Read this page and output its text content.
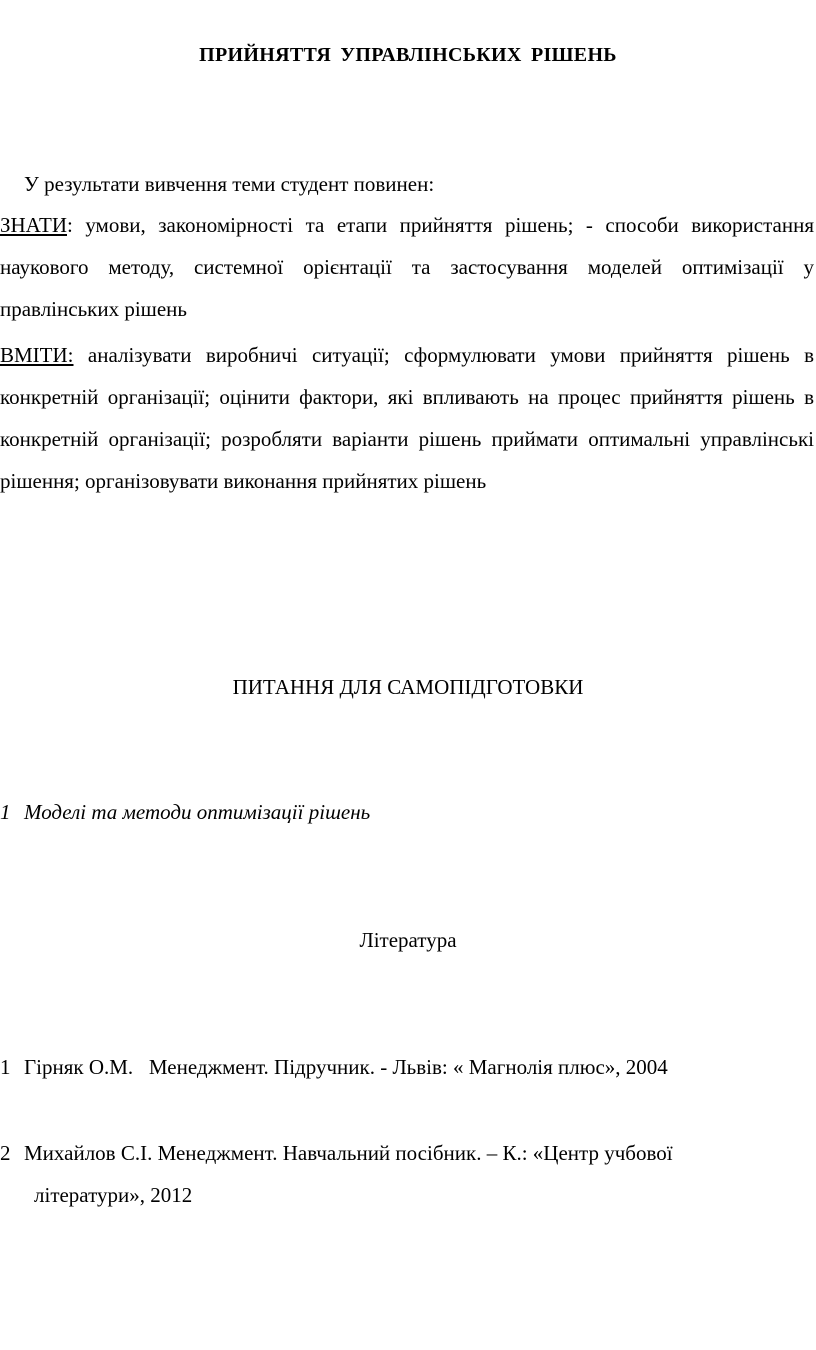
ПРИЙНЯТТЯ УПРАВЛІНСЬКИХ РІШЕНЬ
У результати вивчення теми студент повинен:
ЗНАТИ: умови, закономірності та етапи прийняття рішень; - способи використання наукового методу, системної орієнтації та застосування моделей оптимізації у правлінських рішень
ВМІТИ: аналізувати виробничі ситуації; сформулювати умови прийняття рішень в конкретній організації; оцінити фактори, які впливають на процес прийняття рішень в конкретній організації; розробляти варіанти рішень приймати оптимальні управлінські рішення; організовувати виконання прийнятих рішень
ПИТАННЯ ДЛЯ САМОПІДГОТОВКИ
1 Моделі та методи оптимізації рішень
Література
1 Гірняк О.М.   Менеджмент. Підручник. - Львів: « Магнолія плюс», 2004
2 Михайлов С.І. Менеджмент. Навчальний посібник. – К.: «Центр учбової
літератури», 2012
